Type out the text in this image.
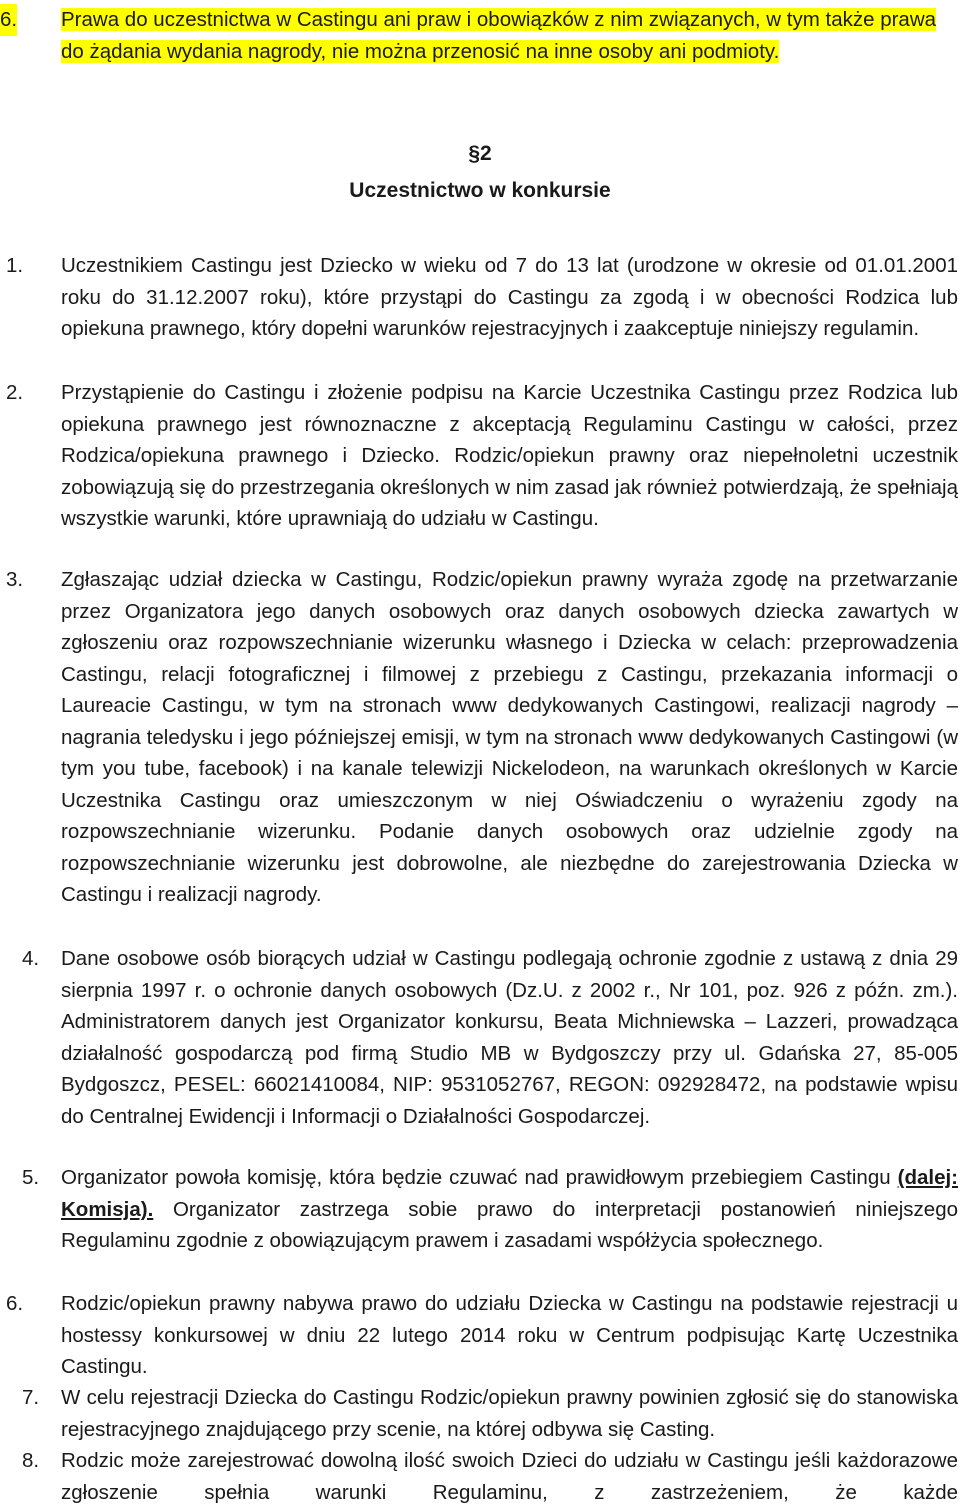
6. Prawa do uczestnictwa w Castingu ani praw i obowiązków z nim związanych, w tym także prawa do żądania wydania nagrody, nie można przenosić na inne osoby ani podmioty.
§2
Uczestnictwo w konkursie
1. Uczestnikiem Castingu jest Dziecko w wieku od 7 do 13 lat (urodzone w okresie od 01.01.2001 roku do 31.12.2007 roku), które przystąpi do Castingu za zgodą i w obecności Rodzica lub opiekuna prawnego, który dopełni warunków rejestracyjnych i zaakceptuje niniejszy regulamin.
2. Przystąpienie do Castingu i złożenie podpisu na Karcie Uczestnika Castingu przez Rodzica lub opiekuna prawnego jest równoznaczne z akceptacją Regulaminu Castingu w całości, przez Rodzica/opiekuna prawnego i Dziecko. Rodzic/opiekun prawny oraz niepełnoletni uczestnik zobowiązują się do przestrzegania określonych w nim zasad jak również potwierdzają, że spełniają wszystkie warunki, które uprawniają do udziału w Castingu.
3. Zgłaszając udział dziecka w Castingu, Rodzic/opiekun prawny wyraża zgodę na przetwarzanie przez Organizatora jego danych osobowych oraz danych osobowych dziecka zawartych w zgłoszeniu oraz rozpowszechnianie wizerunku własnego i Dziecka w celach: przeprowadzenia Castingu, relacji fotograficznej i filmowej z przebiegu z Castingu, przekazania informacji o Laureacie Castingu, w tym na stronach www dedykowanych Castingowi, realizacji nagrody – nagrania teledysku i jego późniejszej emisji, w tym na stronach www dedykowanych Castingowi (w tym you tube, facebook) i na kanale telewizji Nickelodeon, na warunkach określonych w Karcie Uczestnika Castingu oraz umieszczonym w niej Oświadczeniu o wyrażeniu zgody na rozpowszechnianie wizerunku. Podanie danych osobowych oraz udzielnie zgody na rozpowszechnianie wizerunku jest dobrowolne, ale niezbędne do zarejestrowania Dziecka w Castingu i realizacji nagrody.
4. Dane osobowe osób biorących udział w Castingu podlegają ochronie zgodnie z ustawą z dnia 29 sierpnia 1997 r. o ochronie danych osobowych (Dz.U. z 2002 r., Nr 101, poz. 926 z późn. zm.). Administratorem danych jest Organizator konkursu, Beata Michniewska – Lazzeri, prowadząca działalność gospodarczą pod firmą Studio MB w Bydgoszczy przy ul. Gdańska 27, 85-005 Bydgoszcz, PESEL: 66021410084, NIP: 9531052767, REGON: 092928472, na podstawie wpisu do Centralnej Ewidencji i Informacji o Działalności Gospodarczej.
5. Organizator powoła komisję, która będzie czuwać nad prawidłowym przebiegiem Castingu (dalej: Komisja). Organizator zastrzega sobie prawo do interpretacji postanowień niniejszego Regulaminu zgodnie z obowiązującym prawem i zasadami współżycia społecznego.
6. Rodzic/opiekun prawny nabywa prawo do udziału Dziecka w Castingu na podstawie rejestracji u hostessy konkursowej w dniu 22 lutego 2014 roku w Centrum podpisując Kartę Uczestnika Castingu.
7. W celu rejestracji Dziecka do Castingu Rodzic/opiekun prawny powinien zgłosić się do stanowiska rejestracyjnego znajdującego przy scenie, na której odbywa się Casting.
8. Rodzic może zarejestrować dowolną ilość swoich Dzieci do udziału w Castingu jeśli każdorazowe zgłoszenie spełnia warunki Regulaminu, z zastrzeżeniem, że każde
